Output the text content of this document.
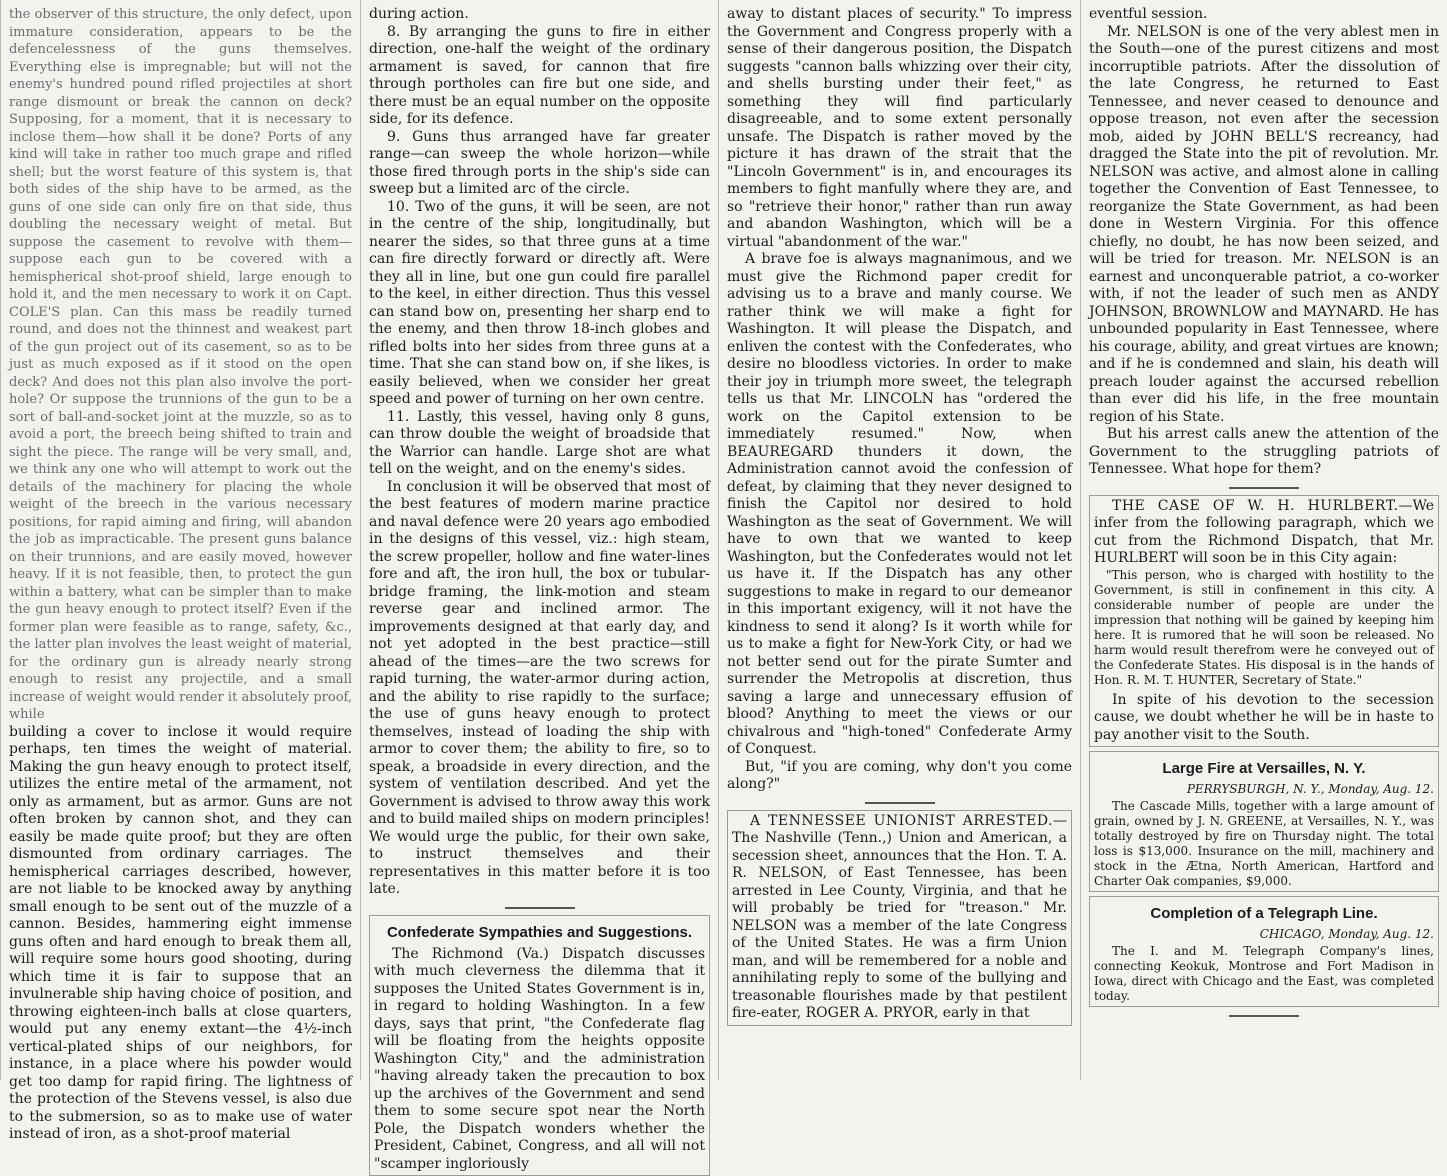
the observer of this structure, the only defect, upon immature consideration, appears to be the defencelessness of the guns themselves. Everything else is impregnable; but will not the enemy's hundred pound rifled projectiles at short range dismount or break the cannon on deck? Supposing, for a moment, that it is necessary to inclose them—how shall it be done? Ports of any kind will take in rather too much grape and rifled shell; but the worst feature of this system is, that both sides of the ship have to be armed, as the guns of one side can only fire on that side, thus doubling the necessary weight of metal. But suppose the casement to revolve with them—suppose each gun to be covered with a hemispherical shot-proof shield, large enough to hold it, and the men necessary to work it on Capt. COLE'S plan. Can this mass be readily turned round, and does not the thinnest and weakest part of the gun project out of its casement, so as to be just as much exposed as if it stood on the open deck? And does not this plan also involve the port-hole? Or suppose the trunnions of the gun to be a sort of ball-and-socket joint at the muzzle, so as to avoid a port, the breech being shifted to train and sight the piece. The range will be very small, and, we think any one who will attempt to work out the details of the machinery for placing the whole weight of the breech in the various necessary positions, for rapid aiming and firing, will abandon the job as impracticable. The present guns balance on their trunnions, and are easily moved, however heavy. If it is not feasible, then, to protect the gun within a battery, what can be simpler than to make the gun heavy enough to protect itself? Even if the former plan were feasible as to range, safety, &c., the latter plan involves the least weight of material, for the ordinary gun is already nearly strong enough to resist any projectile, and a small increase of weight would render it absolutely proof, while

building a cover to inclose it would require perhaps, ten times the weight of material. Making the gun heavy enough to protect itself, utilizes the entire metal of the armament, not only as armament, but as armor. Guns are not often broken by cannon shot, and they can easily be made quite proof; but they are often dismounted from ordinary carriages. The hemispherical carriages described, however, are not liable to be knocked away by anything small enough to be sent out of the muzzle of a cannon. Besides, hammering eight immense guns often and hard enough to break them all, will require some hours good shooting, during which time it is fair to suppose that an invulnerable ship having choice of position, and throwing eighteen-inch balls at close quarters, would put any enemy extant—the 4½-inch vertical-plated ships of our neighbors, for instance, in a place where his powder would get too damp for rapid firing. The lightness of the protection of the Stevens vessel, is also due to the submersion, so as to make use of water instead of iron, as a shot-proof material

during action.

8. By arranging the guns to fire in either direction, one-half the weight of the ordinary armament is saved, for cannon that fire through portholes can fire but one side, and there must be an equal number on the opposite side, for its defence.

9. Guns thus arranged have far greater range—can sweep the whole horizon—while those fired through ports in the ship's side can sweep but a limited arc of the circle.

10. Two of the guns, it will be seen, are not in the centre of the ship, longitudinally, but nearer the sides, so that three guns at a time can fire directly forward or directly aft. Were they all in line, but one gun could fire parallel to the keel, in either direction. Thus this vessel can stand bow on, presenting her sharp end to the enemy, and then throw 18-inch globes and rifled bolts into her sides from three guns at a time. That she can stand bow on, if she likes, is easily believed, when we consider her great speed and power of turning on her own centre.

11. Lastly, this vessel, having only 8 guns, can throw double the weight of broadside that the Warrior can handle. Large shot are what tell on the weight, and on the enemy's sides.

In conclusion it will be observed that most of the best features of modern marine practice and naval defence were 20 years ago embodied in the designs of this vessel, viz.: high steam, the screw propeller, hollow and fine water-lines fore and aft, the iron hull, the box or tubular-bridge framing, the link-motion and steam reverse gear and inclined armor. The improvements designed at that early day, and not yet adopted in the best practice—still ahead of the times—are the two screws for rapid turning, the water-armor during action, and the ability to rise rapidly to the surface; the use of guns heavy enough to protect themselves, instead of loading the ship with armor to cover them; the ability to fire, so to speak, a broadside in every direction, and the system of ventilation described. And yet the Government is advised to throw away this work and to build mailed ships on modern principles! We would urge the public, for their own sake, to instruct themselves and their representatives in this matter before it is too late.

Confederate Sympathies and Suggestions.

The Richmond (Va.) Dispatch discusses with much cleverness the dilemma that it supposes the United States Government is in, in regard to holding Washington. In a few days, says that print, "the Confederate flag will be floating from the heights opposite Washington City," and the administration "having already taken the precaution to box up the archives of the Government and send them to some secure spot near the North Pole, the Dispatch wonders whether the President, Cabinet, Congress, and all will not "scamper ingloriously

away to distant places of security." To impress the Government and Congress properly with a sense of their dangerous position, the Dispatch suggests "cannon balls whizzing over their city, and shells bursting under their feet," as something they will find particularly disagreeable, and to some extent personally unsafe. The Dispatch is rather moved by the picture it has drawn of the strait that the "Lincoln Government" is in, and encourages its members to fight manfully where they are, and so "retrieve their honor," rather than run away and abandon Washington, which will be a virtual "abandonment of the war."

A brave foe is always magnanimous, and we must give the Richmond paper credit for advising us to a brave and manly course. We rather think we will make a fight for Washington. It will please the Dispatch, and enliven the contest with the Confederates, who desire no bloodless victories. In order to make their joy in triumph more sweet, the telegraph tells us that Mr. LINCOLN has "ordered the work on the Capitol extension to be immediately resumed." Now, when BEAUREGARD thunders it down, the Administration cannot avoid the confession of defeat, by claiming that they never designed to finish the Capitol nor desired to hold Washington as the seat of Government. We will have to own that we wanted to keep Washington, but the Confederates would not let us have it. If the Dispatch has any other suggestions to make in regard to our demeanor in this important exigency, will it not have the kindness to send it along? Is it worth while for us to make a fight for New-York City, or had we not better send out for the pirate Sumter and surrender the Metropolis at discretion, thus saving a large and unnecessary effusion of blood? Anything to meet the views or our chivalrous and "high-toned" Confederate Army of Conquest.

But, "if you are coming, why don't you come along?"

A TENNESSEE UNIONIST ARRESTED.—The Nashville (Tenn.,) Union and American, a secession sheet, announces that the Hon. T. A. R. NELSON, of East Tennessee, has been arrested in Lee County, Virginia, and that he will probably be tried for "treason." Mr. NELSON was a member of the late Congress of the United States. He was a firm Union man, and will be remembered for a noble and annihilating reply to some of the bullying and treasonable flourishes made by that pestilent fire-eater, ROGER A. PRYOR, early in that

eventful session.

Mr. NELSON is one of the very ablest men in the South—one of the purest citizens and most incorruptible patriots. After the dissolution of the late Congress, he returned to East Tennessee, and never ceased to denounce and oppose treason, not even after the secession mob, aided by JOHN BELL'S recreancy, had dragged the State into the pit of revolution. Mr. NELSON was active, and almost alone in calling together the Convention of East Tennessee, to reorganize the State Government, as had been done in Western Virginia. For this offence chiefly, no doubt, he has now been seized, and will be tried for treason. Mr. NELSON is an earnest and unconquerable patriot, a co-worker with, if not the leader of such men as ANDY JOHNSON, BROWNLOW and MAYNARD. He has unbounded popularity in East Tennessee, where his courage, ability, and great virtues are known; and if he is condemned and slain, his death will preach louder against the accursed rebellion than ever did his life, in the free mountain region of his State.

But his arrest calls anew the attention of the Government to the struggling patriots of Tennessee. What hope for them?

THE CASE OF W. H. HURLBERT.—We infer from the following paragraph, which we cut from the Richmond Dispatch, that Mr. HURLBERT will soon be in this City again:

"This person, who is charged with hostility to the Government, is still in confinement in this city. A considerable number of people are under the impression that nothing will be gained by keeping him here. It is rumored that he will soon be released. No harm would result therefrom were he conveyed out of the Confederate States. His disposal is in the hands of Hon. R. M. T. HUNTER, Secretary of State."

In spite of his devotion to the secession cause, we doubt whether he will be in haste to pay another visit to the South.

Large Fire at Versailles, N. Y.
PERRYSBURGH, N. Y., Monday, Aug. 12.

The Cascade Mills, together with a large amount of grain, owned by J. N. GREENE, at Versailles, N. Y., was totally destroyed by fire on Thursday night. The total loss is $13,000. Insurance on the mill, machinery and stock in the Ætna, North American, Hartford and Charter Oak companies, $9,000.

Completion of a Telegraph Line.
CHICAGO, Monday, Aug. 12.

The I. and M. Telegraph Company's lines, connecting Keokuk, Montrose and Fort Madison in Iowa, direct with Chicago and the East, was completed today.
